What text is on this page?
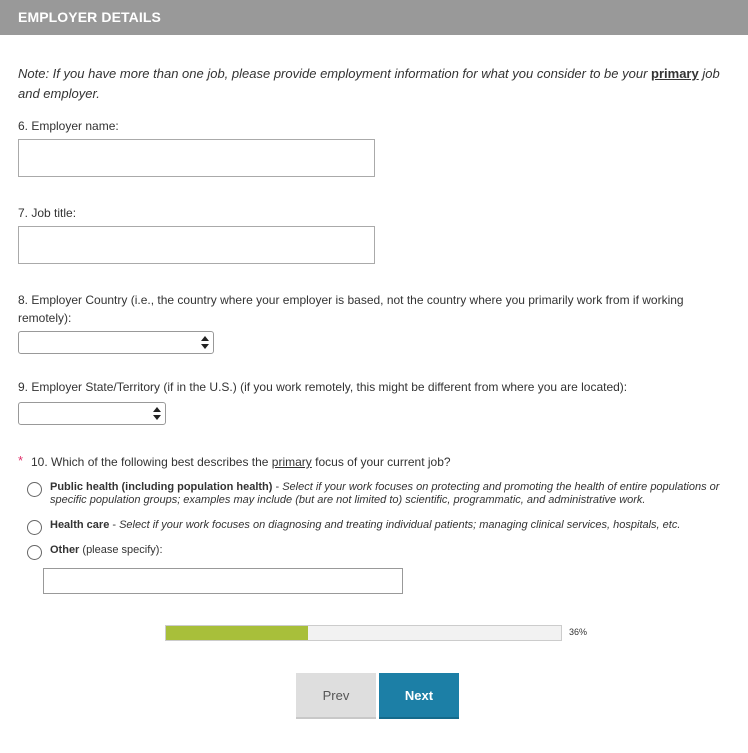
EMPLOYER DETAILS
Note: If you have more than one job, please provide employment information for what you consider to be your primary job and employer.
6. Employer name:
7. Job title:
8. Employer Country (i.e., the country where your employer is based, not the country where you primarily work from if working remotely):
9. Employer State/Territory (if in the U.S.) (if you work remotely, this might be different from where you are located):
* 10. Which of the following best describes the primary focus of your current job?
Public health (including population health) - Select if your work focuses on protecting and promoting the health of entire populations or specific population groups; examples may include (but are not limited to) scientific, programmatic, and administrative work.
Health care - Select if your work focuses on diagnosing and treating individual patients; managing clinical services, hospitals, etc.
Other (please specify):
36%
Prev	Next
